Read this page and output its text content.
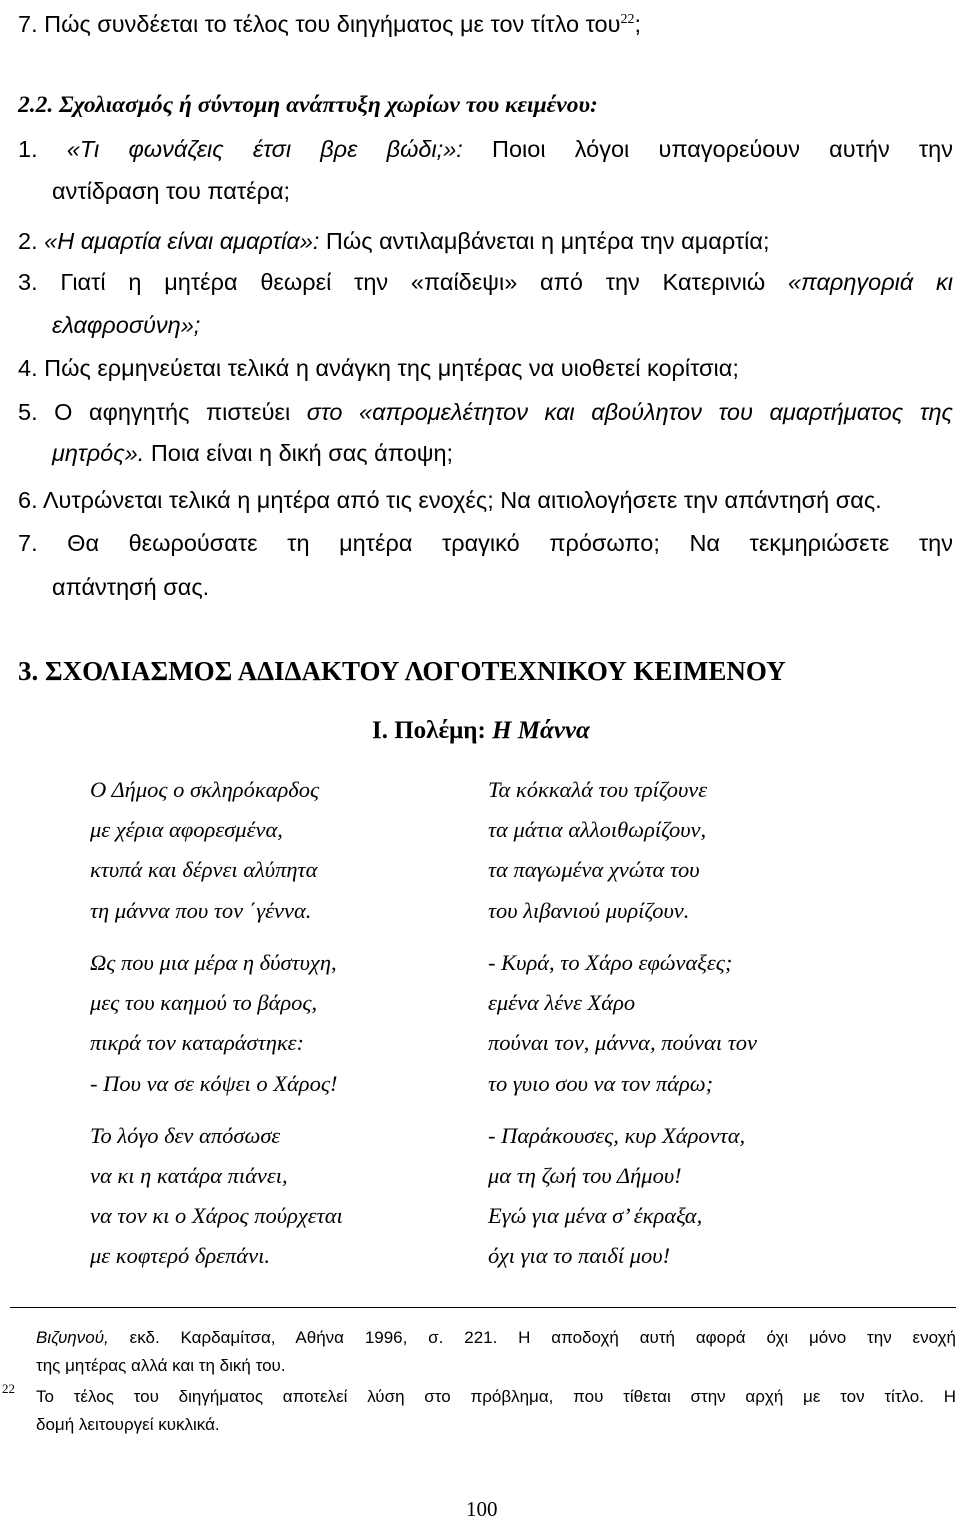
7. Πώς συνδέεται το τέλος του διηγήματος με τον τίτλο του$^{22}$;
2.2. Σχολιασμός ή σύντομη ανάπτυξη χωρίων του κειμένου:
1. «Τι φωνάζεις έτσι βρε βώδι;»: Ποιοι λόγοι υπαγορεύουν αυτήν την
αντίδραση του πατέρα;
2. «Η αμαρτία είναι αμαρτία»: Πώς αντιλαμβάνεται η μητέρα την αμαρτία;
3. Γιατί η μητέρα θεωρεί την «παίδεψι» από την Κατερινιώ «παρηγοριά κι
ελαφροσύνη»;
4. Πώς ερμηνεύεται τελικά η ανάγκη της μητέρας να υιοθετεί κορίτσια;
5. Ο αφηγητής πιστεύει στο «απρομελέτητον και αβούλητον του αμαρτήματος της
μητρός». Ποια είναι η δική σας άποψη;
6. Λυτρώνεται τελικά η μητέρα από τις ενοχές; Να αιτιολογήσετε την απάντησή σας.
7. Θα θεωρούσατε τη μητέρα τραγικό πρόσωπο; Να τεκμηριώσετε την
απάντησή σας.
3. ΣΧΟΛΙΑΣΜΟΣ ΑΔΙΔΑΚΤΟΥ ΛΟΓΟΤΕΧΝΙΚΟΥ ΚΕΙΜΕΝΟΥ
Ι. Πολέμη: Η Μάννα
Ο Δήμος ο σκληρόκαρδος
με χέρια αφορεσμένα,
κτυπά και δέρνει αλύπητα
τη μάννα που τον ΄γέννα.
Ως που μια μέρα η δύστυχη,
μες του καημού το βάρος,
πικρά τον καταράστηκε:
- Που να σε κόψει ο Χάρος!
Το λόγο δεν απόσωσε
να κι η κατάρα πιάνει,
να τον κι ο Χάρος πούρχεται
με κοφτερό δρεπάνι.
Τα κόκκαλά του τρίζουνε
τα μάτια αλλοιθωρίζουν,
τα παγωμένα χνώτα του
του λιβανιού μυρίζουν.
- Κυρά, το Χάρο εφώναξες;
εμένα λένε Χάρο
πούναι τον, μάννα, πούναι τον
το γυιο σου να τον πάρω;
- Παράκουσες, κυρ Χάροντα,
μα τη ζωή του Δήμου!
Εγώ για μένα σ’ έκραξα,
όχι για το παιδί μου!
Βιζυηνού, εκδ. Καρδαμίτσα, Αθήνα 1996, σ. 221. Η αποδοχή αυτή αφορά όχι μόνο την ενοχή
της μητέρας αλλά και τη δική του.
22 Το τέλος του διηγήματος αποτελεί λύση στο πρόβλημα, που τίθεται στην αρχή με τον τίτλο. Η
δομή λειτουργεί κυκλικά.
100
